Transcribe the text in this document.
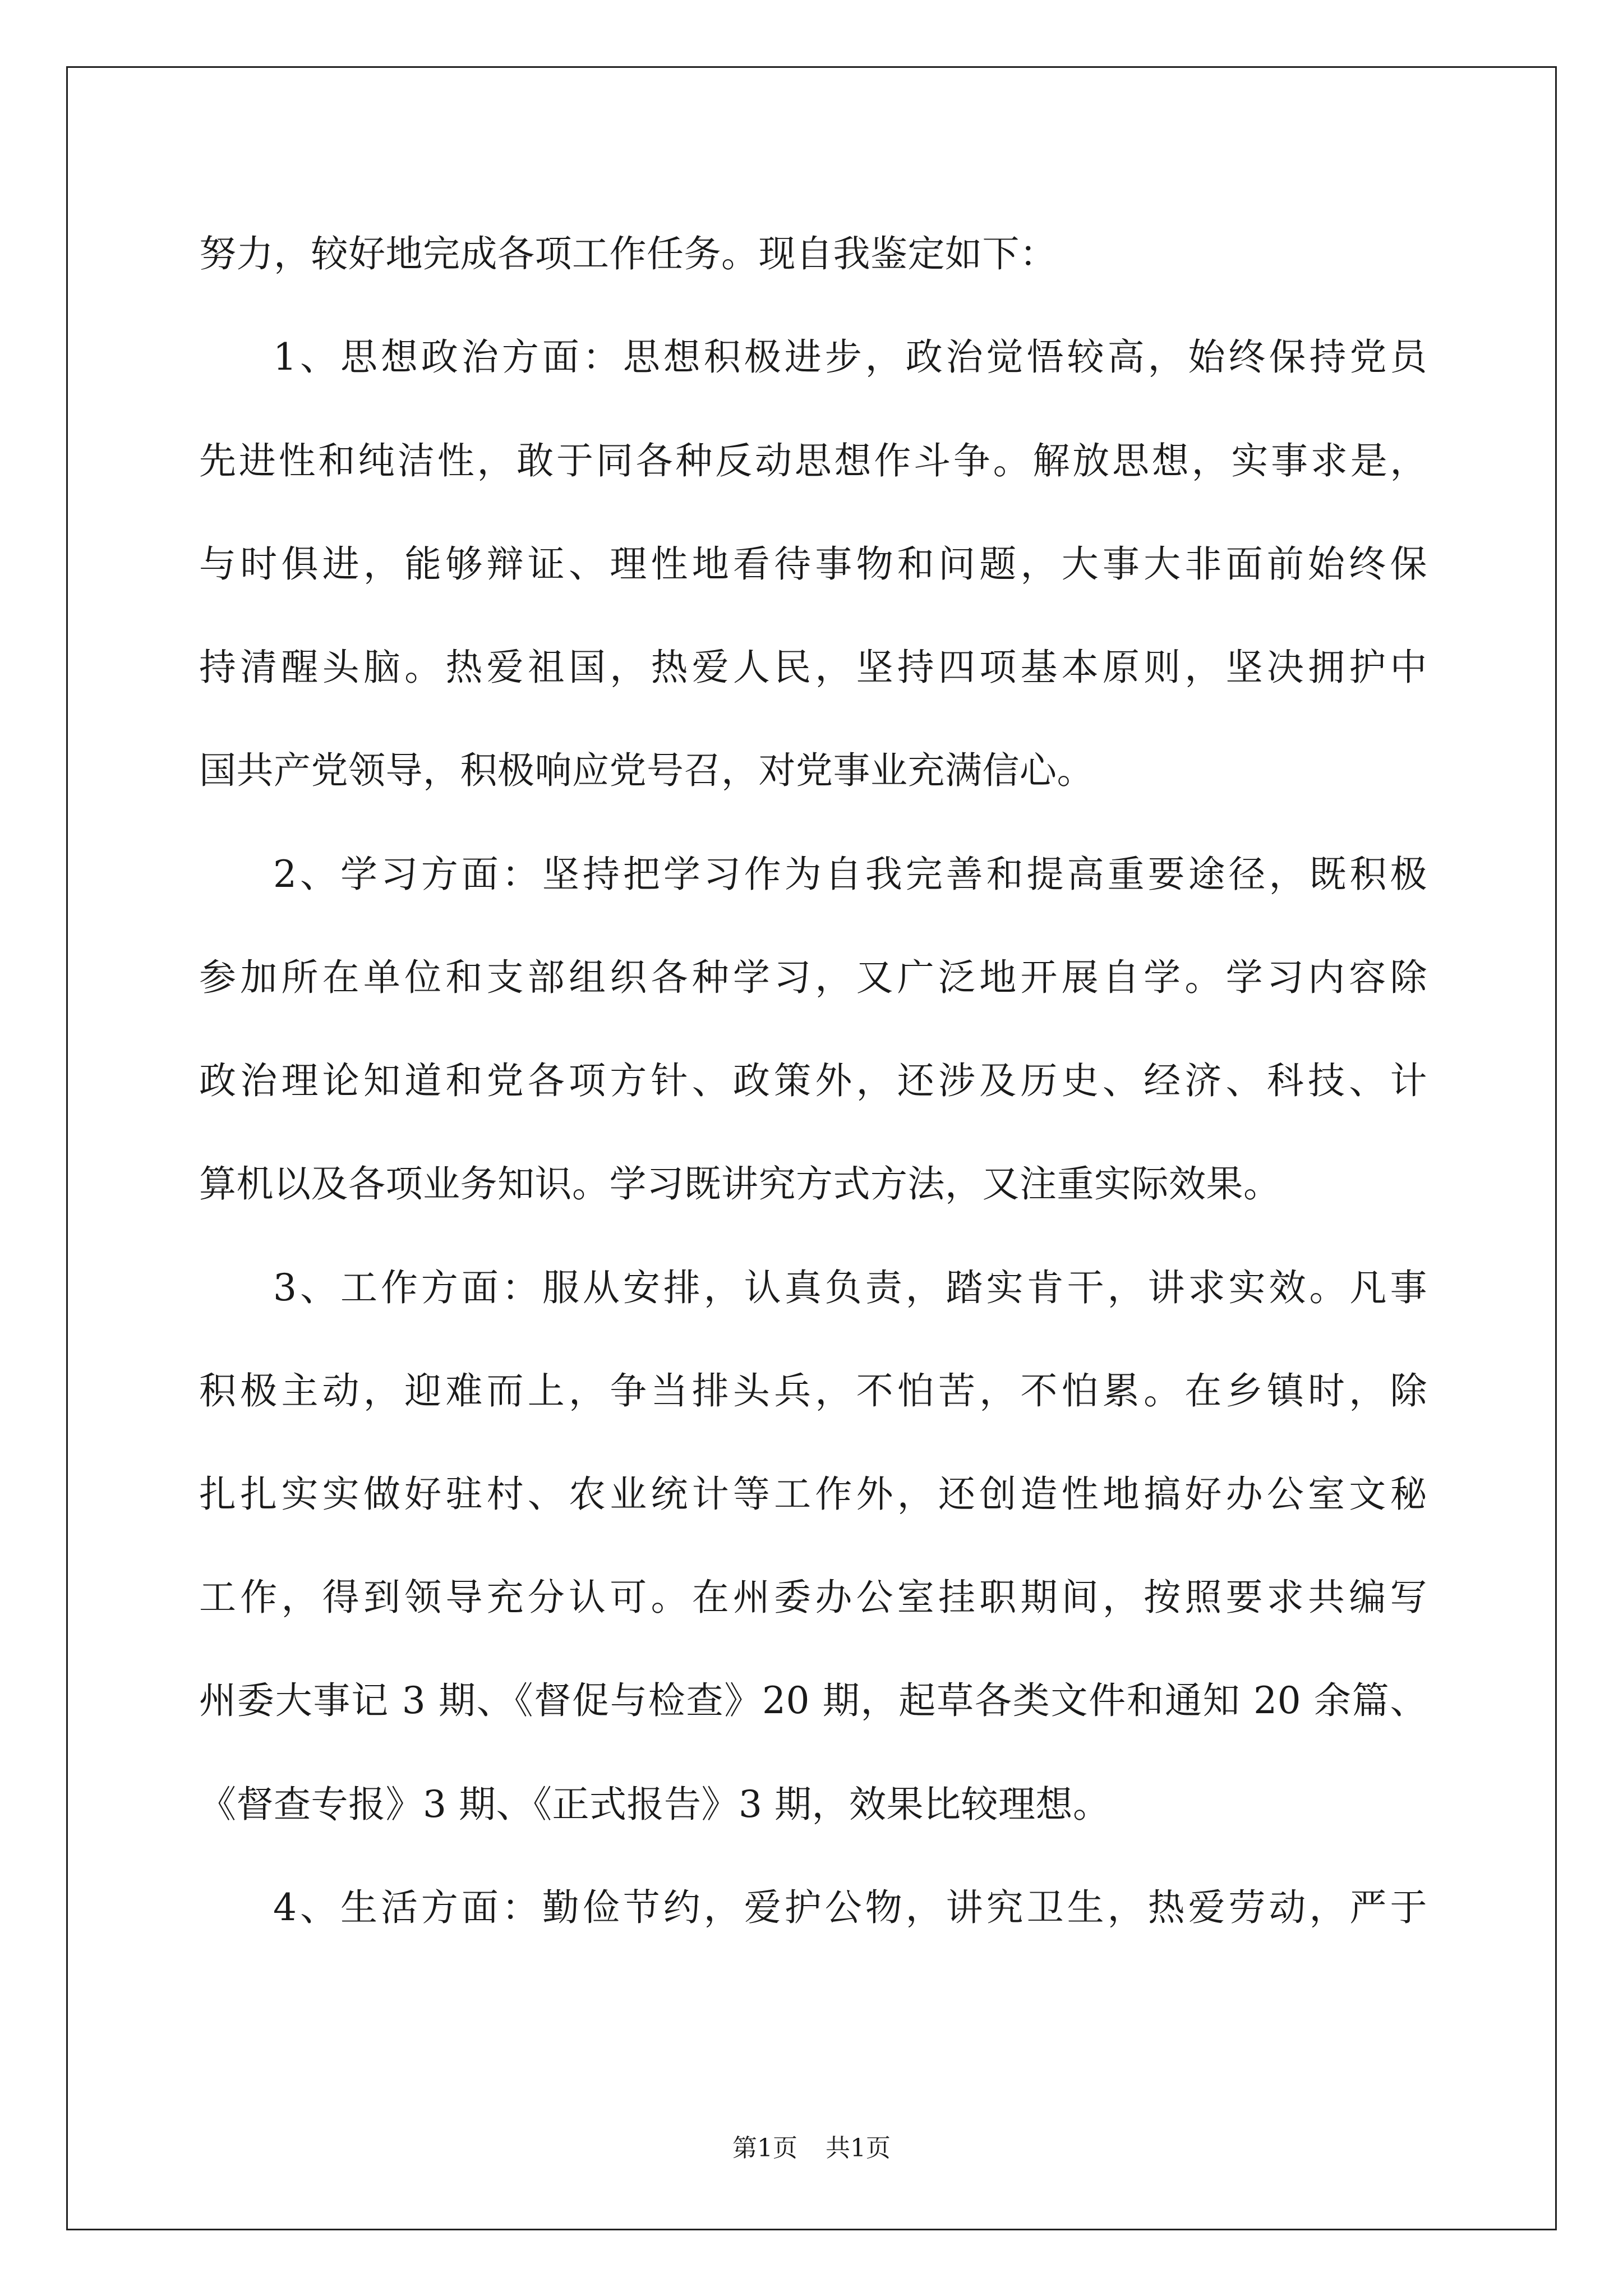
努力，较好地完成各项工作任务。现自我鉴定如下：
1、思想政治方面：思想积极进步，政治觉悟较高，始终保持党员
先进性和纯洁性，敢于同各种反动思想作斗争。解放思想，实事求是，
与时俱进，能够辩证、理性地看待事物和问题，大事大非面前始终保
持清醒头脑。热爱祖国，热爱人民，坚持四项基本原则，坚决拥护中
国共产党领导，积极响应党号召，对党事业充满信心。
2、学习方面：坚持把学习作为自我完善和提高重要途径，既积极
参加所在单位和支部组织各种学习，又广泛地开展自学。学习内容除
政治理论知道和党各项方针、政策外，还涉及历史、经济、科技、计
算机以及各项业务知识。学习既讲究方式方法，又注重实际效果。
3、工作方面：服从安排，认真负责，踏实肯干，讲求实效。凡事
积极主动，迎难而上，争当排头兵，不怕苦，不怕累。在乡镇时，除
扎扎实实做好驻村、农业统计等工作外，还创造性地搞好办公室文秘
工作，得到领导充分认可。在州委办公室挂职期间，按照要求共编写
州委大事记 3 期、《督促与检查》20 期，起草各类文件和通知 20 余篇、
《督查专报》3 期、《正式报告》3 期，效果比较理想。
4、生活方面：勤俭节约，爱护公物，讲究卫生，热爱劳动，严于
第1页 共1页
